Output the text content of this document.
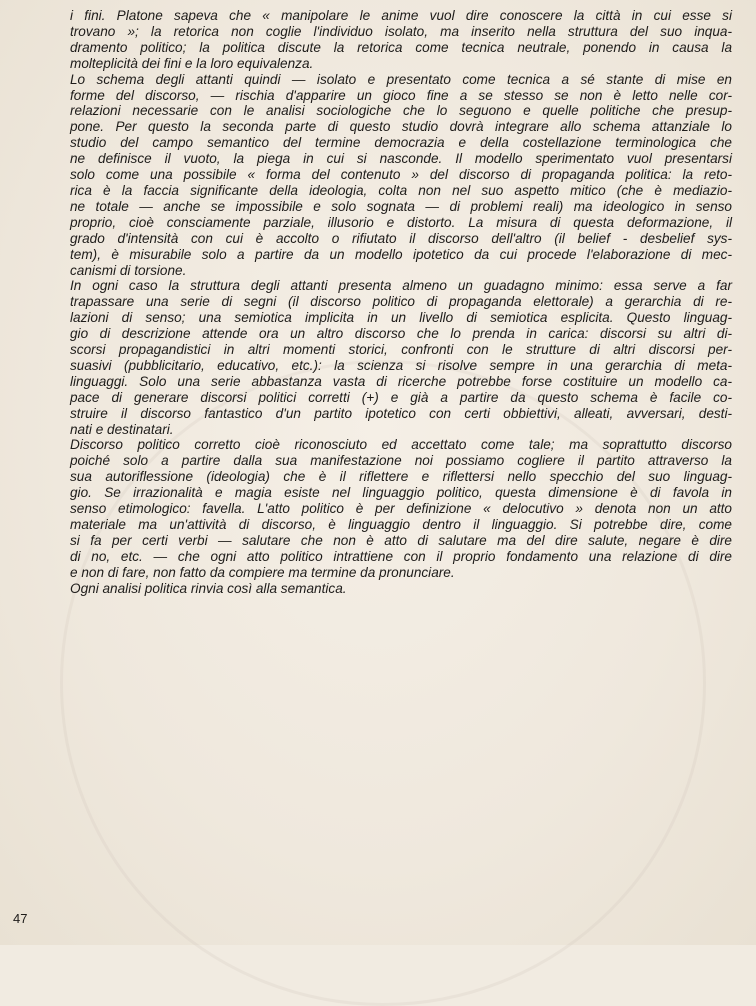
i fini. Platone sapeva che « manipolare le anime vuol dire conoscere la città in cui esse si
trovano »; la retorica non coglie l'individuo isolato, ma inserito nella struttura del suo inqua-
dramento politico; la politica discute la retorica come tecnica neutrale, ponendo in causa la
molteplicità dei fini e la loro equivalenza.
Lo schema degli attanti quindi — isolato e presentato come tecnica a sé stante di mise en
forme del discorso, — rischia d'apparire un gioco fine a se stesso se non è letto nelle cor-
relazioni necessarie con le analisi sociologiche che lo seguono e quelle politiche che presup-
pone. Per questo la seconda parte di questo studio dovrà integrare allo schema attanziale lo
studio del campo semantico del termine democrazia e della costellazione terminologica che
ne definisce il vuoto, la piega in cui si nasconde. Il modello sperimentato vuol presentarsi
solo come una possibile « forma del contenuto » del discorso di propaganda politica: la reto-
rica è la faccia significante della ideologia, colta non nel suo aspetto mitico (che è mediazio-
ne totale — anche se impossibile e solo sognata — di problemi reali) ma ideologico in senso
proprio, cioè consciamente parziale, illusorio e distorto. La misura di questa deformazione, il
grado d'intensità con cui è accolto o rifiutato il discorso dell'altro (il belief - desbelief sys-
tem), è misurabile solo a partire da un modello ipotetico da cui procede l'elaborazione di mec-
canismi di torsione.
In ogni caso la struttura degli attanti presenta almeno un guadagno minimo: essa serve a far
trapassare una serie di segni (il discorso politico di propaganda elettorale) a gerarchia di re-
lazioni di senso; una semiotica implicita in un livello di semiotica esplicita. Questo linguag-
gio di descrizione attende ora un altro discorso che lo prenda in carica: discorsi su altri di-
scorsi propagandistici in altri momenti storici, confronti con le strutture di altri discorsi per-
suasivi (pubblicitario, educativo, etc.): la scienza si risolve sempre in una gerarchia di meta-
linguaggi. Solo una serie abbastanza vasta di ricerche potrebbe forse costituire un modello ca-
pace di generare discorsi politici corretti (+) e già a partire da questo schema è facile co-
struire il discorso fantastico d'un partito ipotetico con certi obbiettivi, alleati, avversari, desti-
nati e destinatari.
Discorso politico corretto cioè riconosciuto ed accettato come tale; ma soprattutto discorso
poiché solo a partire dalla sua manifestazione noi possiamo cogliere il partito attraverso la
sua autoriflessione (ideologia) che è il riflettere e riflettersi nello specchio del suo linguag-
gio. Se irrazionalità e magia esiste nel linguaggio politico, questa dimensione è di favola in
senso etimologico: favella. L'atto politico è per definizione « delocutivo » denota non un atto
materiale ma un'attività di discorso, è linguaggio dentro il linguaggio. Si potrebbe dire, come
si fa per certi verbi — salutare che non è atto di salutare ma del dire salute, negare è dire
di no, etc. — che ogni atto politico intrattiene con il proprio fondamento una relazione di dire
e non di fare, non fatto da compiere ma termine da pronunciare.
Ogni analisi politica rinvia così alla semantica.
47
